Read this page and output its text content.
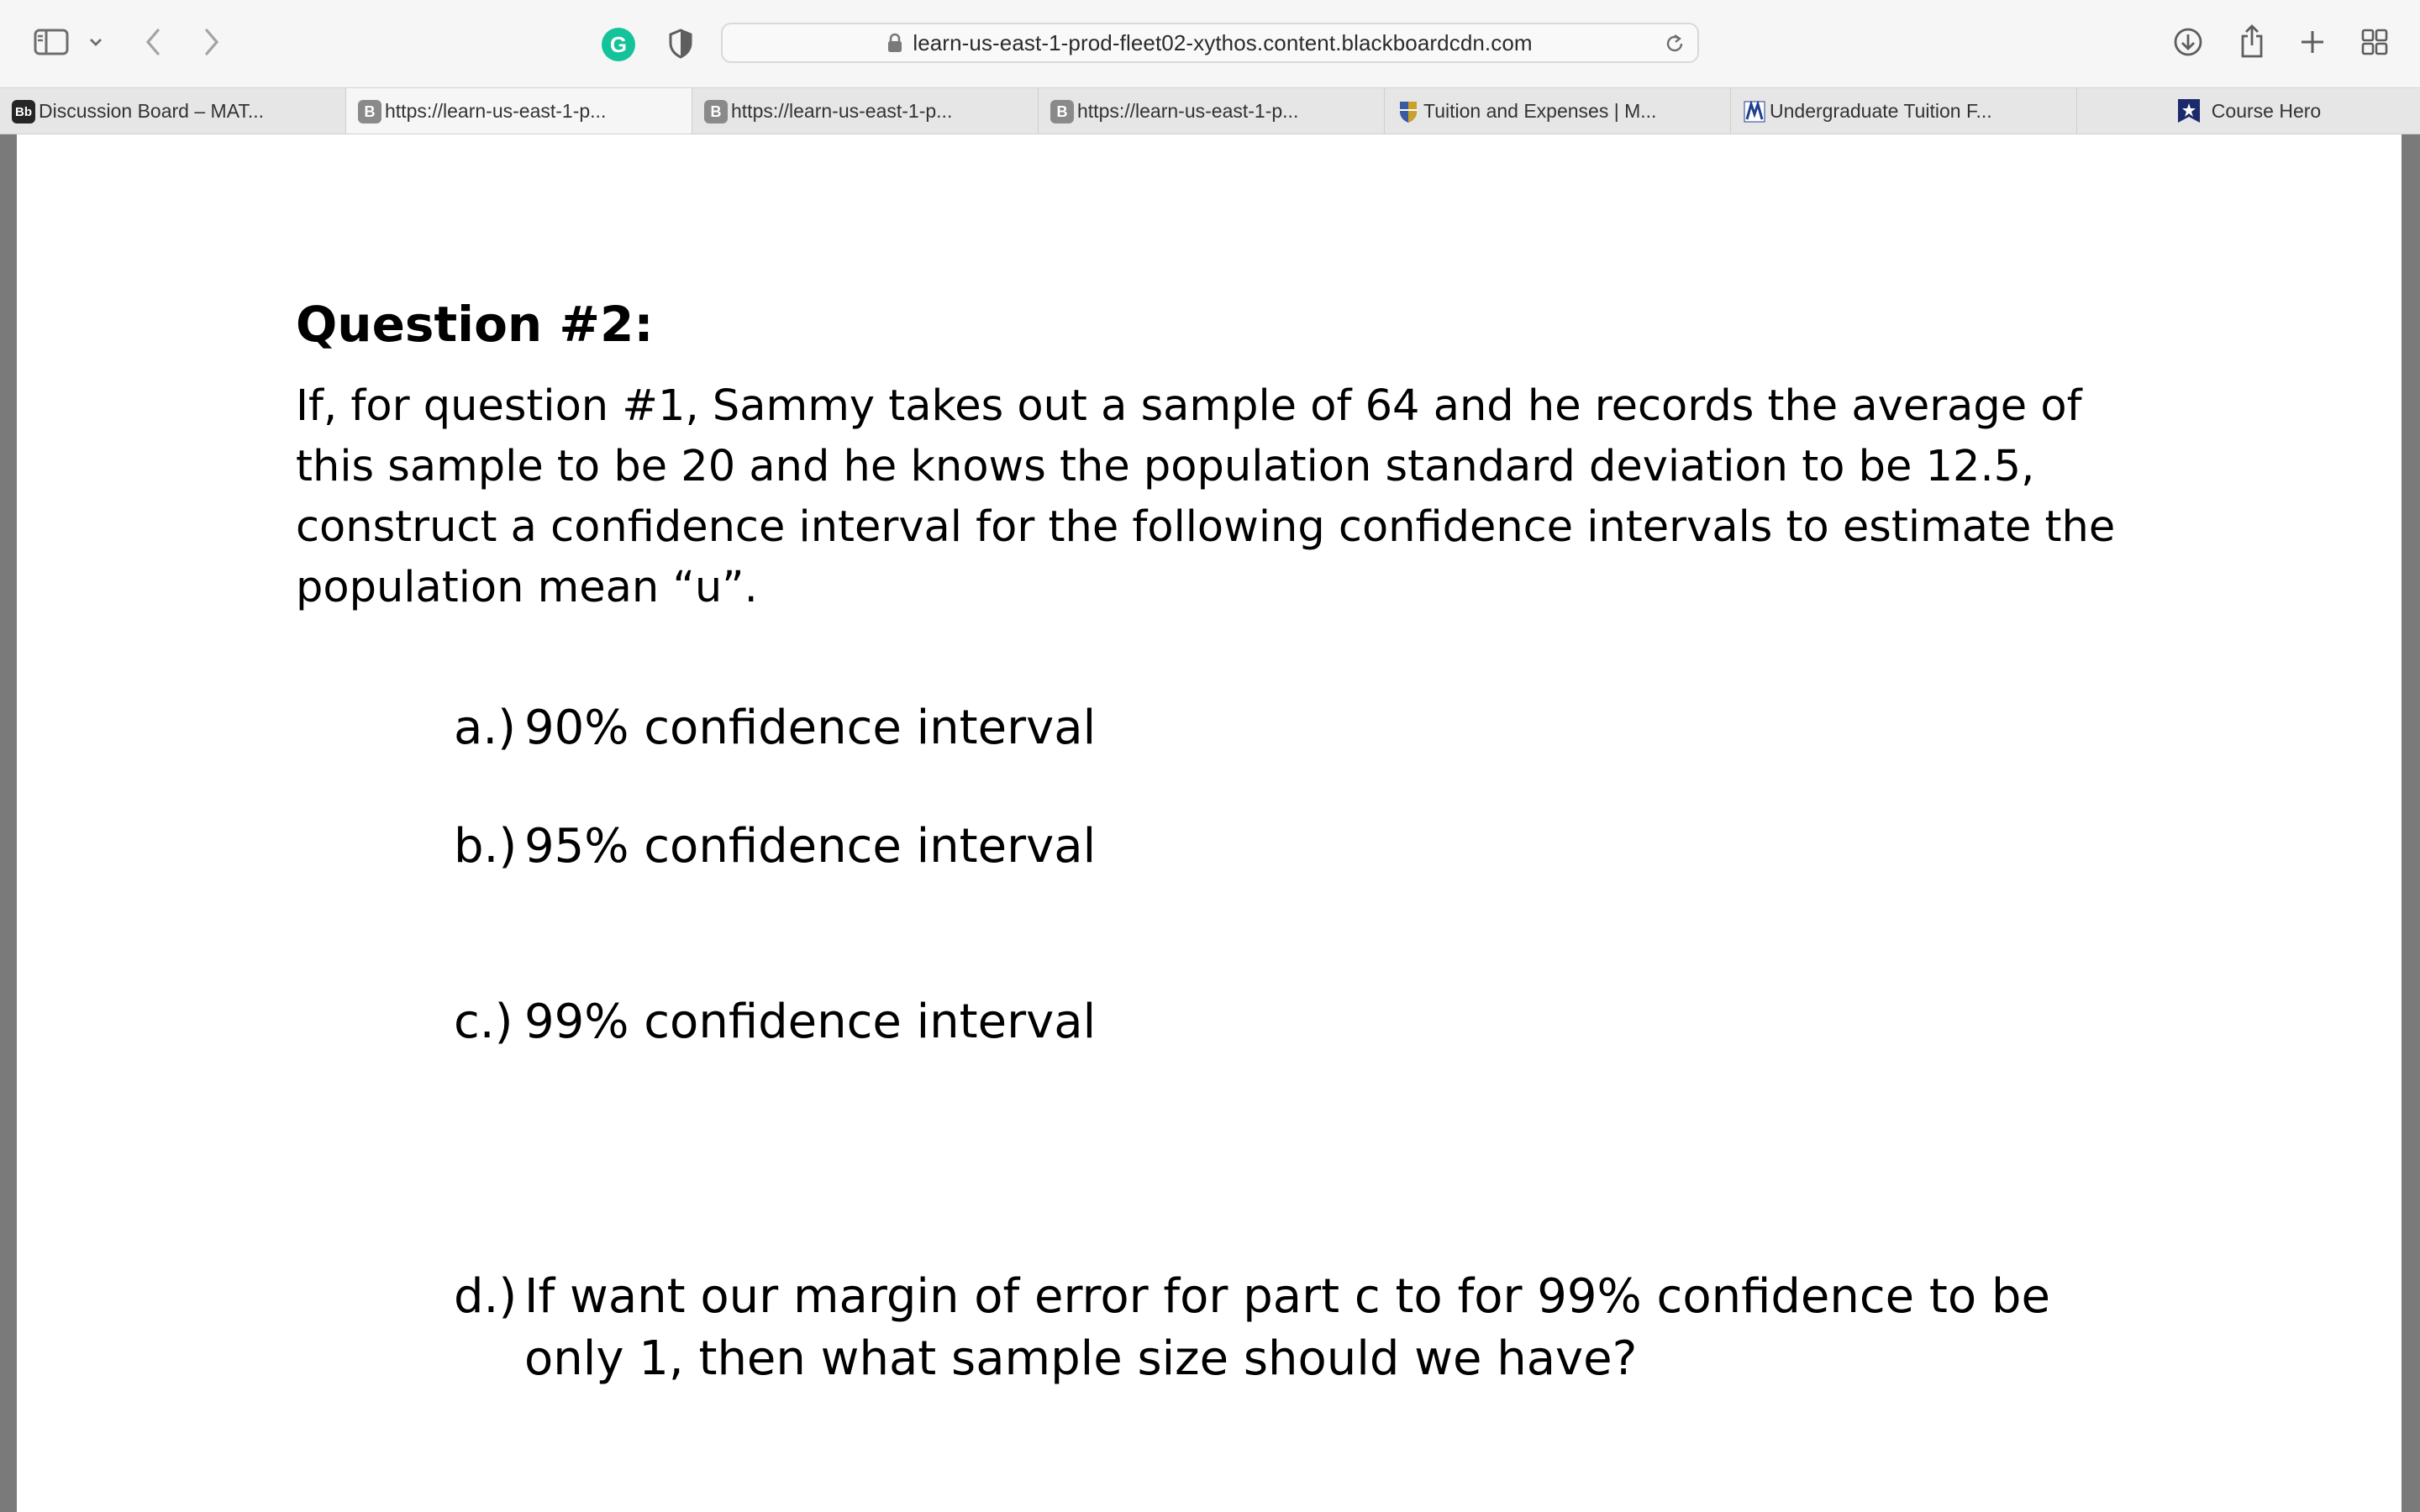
G	learn-us-east-1-prod-fleet02-xythos.content.blackboardcdn.com
Bb Discussion Board – MAT...	B https://learn-us-east-1-p...	B https://learn-us-east-1-p...	B https://learn-us-east-1-p...	Tuition and Expenses | M...	Undergraduate Tuition F...	Course Hero
Question #2:

If, for question #1, Sammy takes out a sample of 64 and he records the average of this sample to be 20 and he knows the population standard deviation to be 12.5, construct a confidence interval for the following confidence intervals to estimate the population mean “u”.

a.) 90% confidence interval
b.) 95% confidence interval
c.) 99% confidence interval
d.) If want our margin of error for part c to for 99% confidence to be only 1, then what sample size should we have?
